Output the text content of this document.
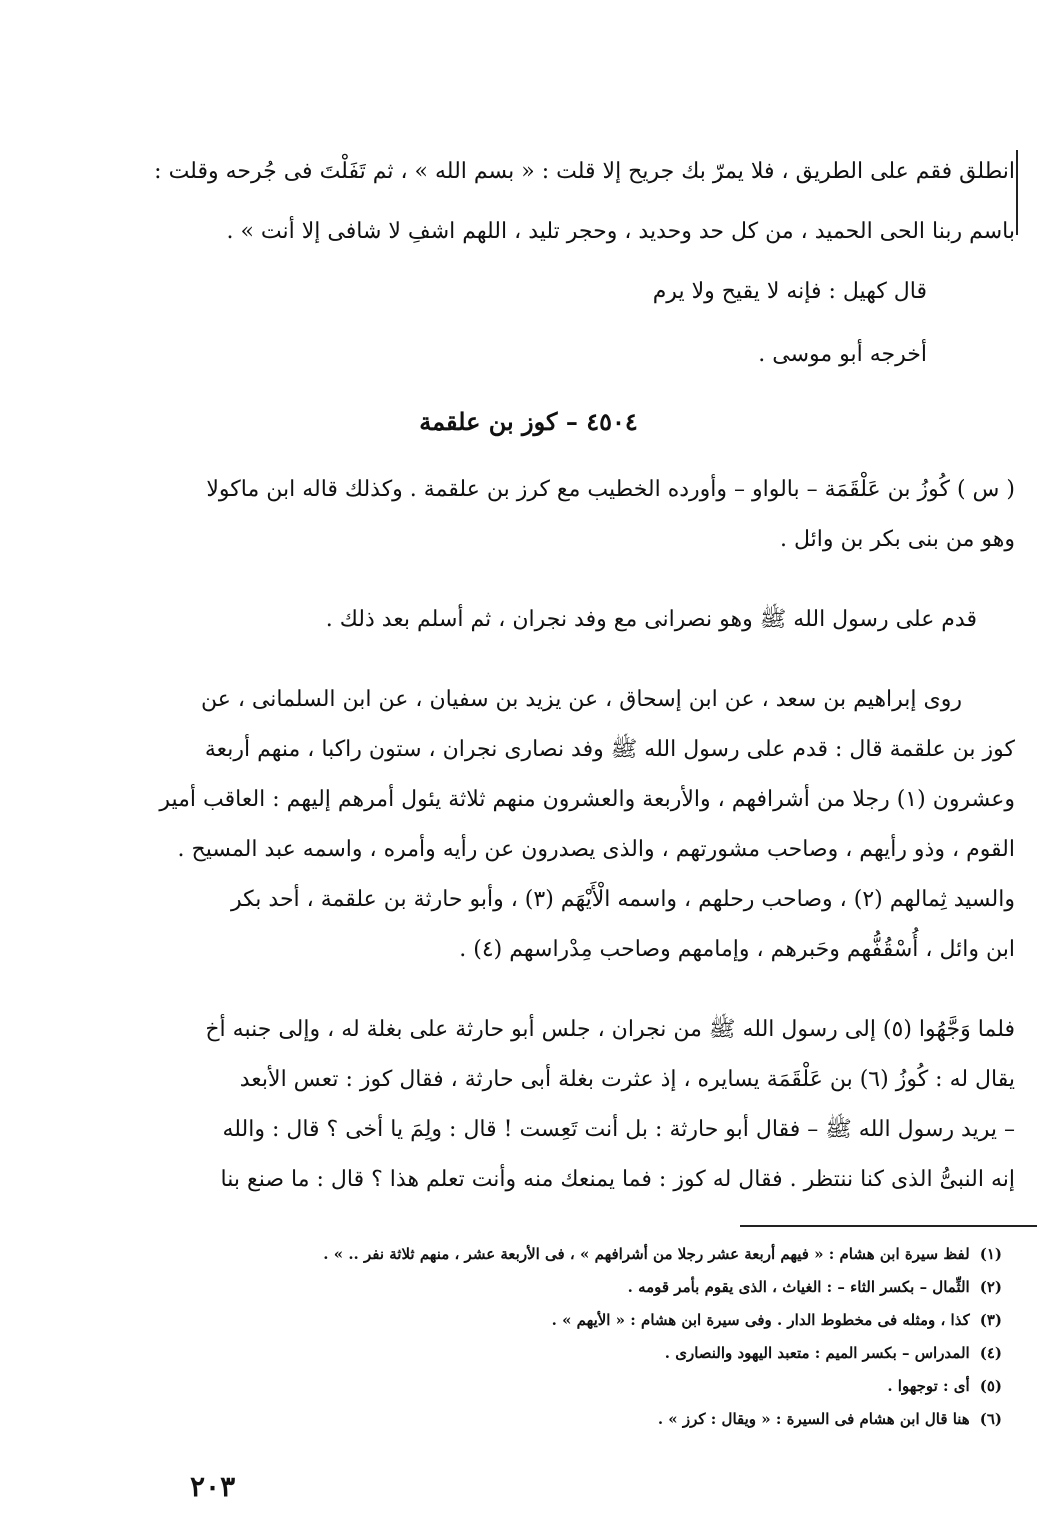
انطلق فقم على الطريق ، فلا يمرّ بك جريح إلا قلت : « بسم الله » ، ثم تَفَلْتَ فى جُرحه وقلت :
باسم ربنا الحى الحميد ، من كل حد وحديد ، وحجر تليد ، اللهم اشفِ لا شافى إلا أنت » .
قال كهيل : فإنه لا يقيح ولا يرم
أخرجه أبو موسى .
٤٥٠٤ – كوز بن علقمة
( س ) كُوزُ بن عَلْقَمَة – بالواو – وأورده الخطيب مع كرز بن علقمة . وكذلك قاله ابن ماكولا
وهو من بنى بكر بن وائل .
قدم على رسول الله ﷺ وهو نصرانى مع وفد نجران ، ثم أسلم بعد ذلك .
روى إبراهيم بن سعد ، عن ابن إسحاق ، عن يزيد بن سفيان ، عن ابن السلمانى ، عن
كوز بن علقمة قال : قدم على رسول الله ﷺ وفد نصارى نجران ، ستون راكبا ، منهم أربعة
وعشرون (١) رجلا من أشرافهم ، والأربعة والعشرون منهم ثلاثة يئول أمرهم إليهم : العاقب أمير
القوم ، وذو رأيهم ، وصاحب مشورتهم ، والذى يصدرون عن رأيه وأمره ، واسمه عبد المسيح .
والسيد ثِمالهم (٢) ، وصاحب رحلهم ، واسمه الْأَيْهَم (٣) ، وأبو حارثة بن علقمة ، أحد بكر
ابن وائل ، أُسْقُفُّهم وحَبرهم ، وإمامهم وصاحب مِدْراسهم (٤) .
فلما وَجَّهُوا (٥) إلى رسول الله ﷺ من نجران ، جلس أبو حارثة على بغلة له ، وإلى جنبه أخ
يقال له : كُوزُ (٦) بن عَلْقَمَة يسايره ، إذ عثرت بغلة أبى حارثة ، فقال كوز : تعس الأبعد
– يريد رسول الله ﷺ – فقال أبو حارثة : بل أنت تَعِست ! قال : ولِمَ يا أخى ؟ قال : والله
إنه النبىُّ الذى كنا ننتظر . فقال له كوز : فما يمنعك منه وأنت تعلم هذا ؟ قال : ما صنع بنا
(١)لفظ سيرة ابن هشام : « فيهم أربعة عشر رجلا من أشرافهم » ، فى الأربعة عشر ، منهم ثلاثة نفر .. » .
(٢)الثِّمال – بكسر الثاء – : الغياث ، الذى يقوم بأمر قومه .
(٣)كذا ، ومثله فى مخطوط الدار . وفى سيرة ابن هشام : « الأيهم » .
(٤)المدراس – بكسر الميم : متعبد اليهود والنصارى .
(٥)أى : توجهوا .
(٦)هنا قال ابن هشام فى السيرة : « ويقال : كرز » .
٢٠٣
